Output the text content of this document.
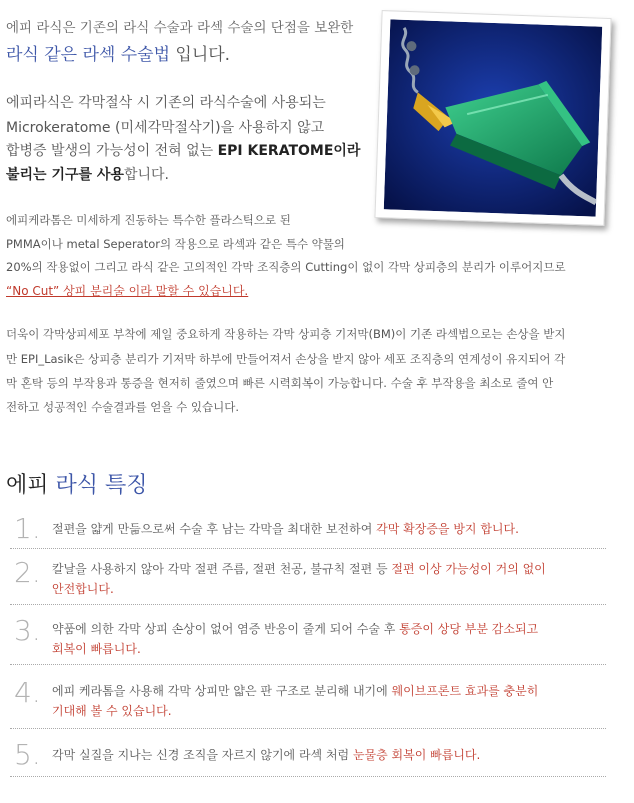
에피 라식은 기존의 라식 수술과 라섹 수술의 단점을 보완한
라식 같은 라섹 수술법 입니다.
에피라식은 각막절삭 시 기존의 라식수술에 사용되는
Microkeratome (미세각막절삭기)을 사용하지 않고
합병증 발생의 가능성이 전혀 없는 EPI KERATOME이라
불리는 기구를 사용합니다.
에피케라톰은 미세하게 진동하는 특수한 플라스틱으로 된
PMMA이나 metal Seperator의 작용으로 라섹과 같은 특수 약물의
20%의 작용없이 그리고 라식 같은 고의적인 각막 조직층의 Cutting이 없이 각막 상피층의 분리가 이루어지므로
“No Cut” 상피 분리술 이라 말할 수 있습니다.
더욱이 각막상피세포 부착에 제일 중요하게 작용하는 각막 상피층 기저막(BM)이 기존 라섹법으로는 손상을 받지
만 EPI_Lasik은 상피층 분리가 기저막 하부에 만들어져서 손상을 받지 않아 세포 조직층의 연계성이 유지되어 각
막 혼탁 등의 부작용과 통증을 현저히 줄였으며 빠른 시력회복이 가능합니다. 수술 후 부작용을 최소로 줄여 안
전하고 성공적인 수술결과를 얻을 수 있습니다.
에피 라식 특징
1. 절편을 얇게 만듦으로써 수술 후 남는 각막을 최대한 보전하여 각막 확장증을 방지 합니다.
2. 칼날을 사용하지 않아 각막 절편 주름, 절편 천공, 불규칙 절편 등 절편 이상 가능성이 거의 없이
안전합니다.
3. 약품에 의한 각막 상피 손상이 없어 염증 반응이 줄게 되어 수술 후 통증이 상당 부분 감소되고
회복이 빠릅니다.
4. 에피 케라톰을 사용해 각막 상피만 얇은 판 구조로 분리해 내기에 웨이브프론트 효과를 충분히
기대해 볼 수 있습니다.
5. 각막 실질을 지나는 신경 조직을 자르지 않기에 라섹 처럼 눈물층 회복이 빠릅니다.
